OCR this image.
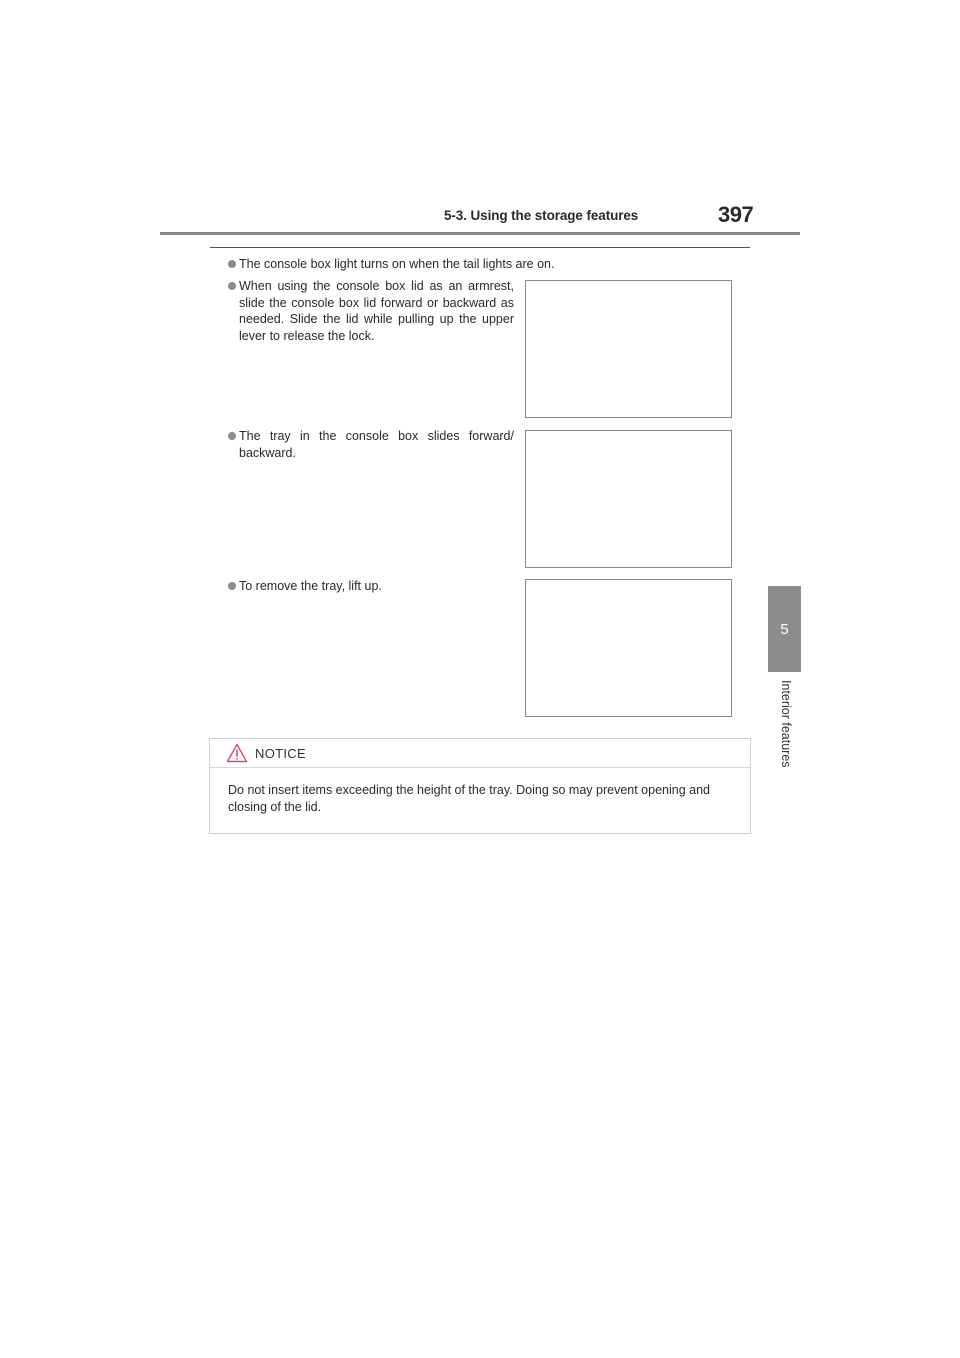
5-3. Using the storage features	397
5
Interior features
The console box light turns on when the tail lights are on.
When using the console box lid as an armrest, slide the console box lid forward or backward as needed. Slide the lid while pulling up the upper lever to release the lock.
The tray in the console box slides forward/ backward.
To remove the tray, lift up.
NOTICE
Do not insert items exceeding the height of the tray. Doing so may prevent opening and closing of the lid.
